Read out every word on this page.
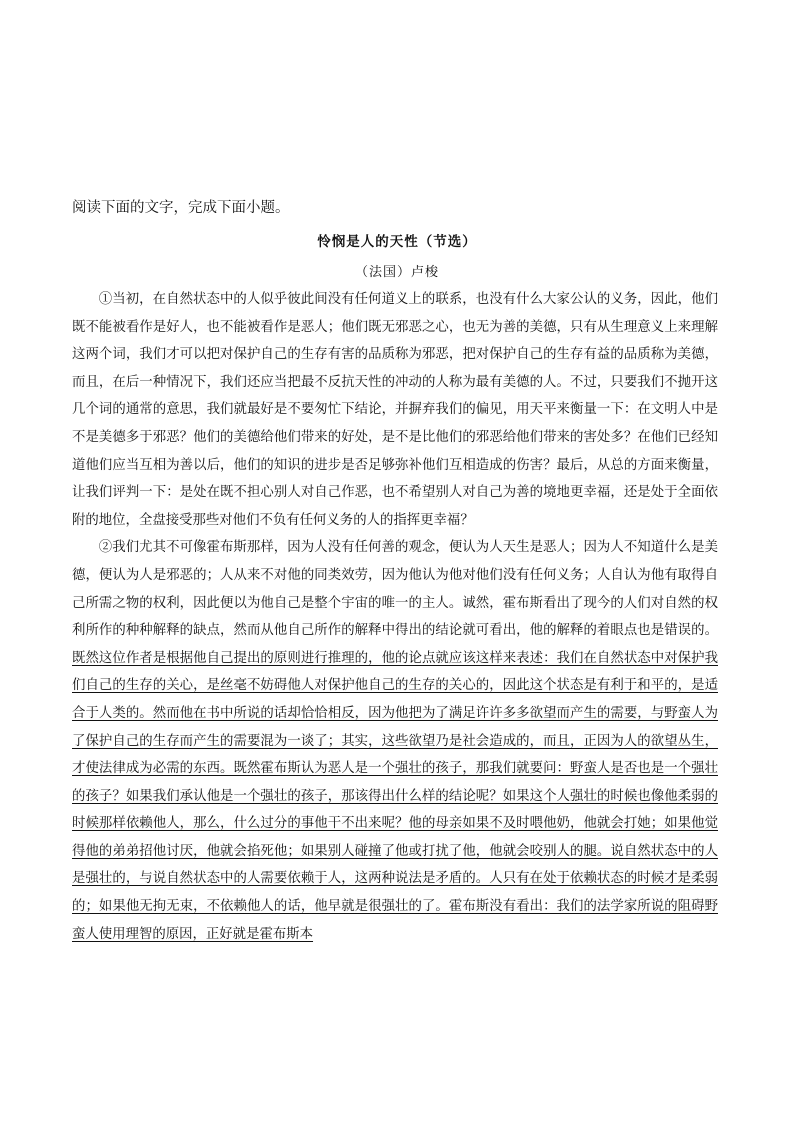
阅读下面的文字，完成下面小题。
怜悯是人的天性（节选）
（法国）卢梭

①当初，在自然状态中的人似乎彼此间没有任何道义上的联系，也没有什么大家公认的义务，因此，他们既不能被看作是好人，也不能被看作是恶人；他们既无邪恶之心，也无为善的美德，只有从生理意义上来理解这两个词，我们才可以把对保护自己的生存有害的品质称为邪恶，把对保护自己的生存有益的品质称为美德，而且，在后一种情况下，我们还应当把最不反抗天性的冲动的人称为最有美德的人。不过，只要我们不抛开这几个词的通常的意思，我们就最好是不要匆忙下结论，并摒弃我们的偏见，用天平来衡量一下：在文明人中是不是美德多于邪恶？他们的美德给他们带来的好处，是不是比他们的邪恶给他们带来的害处多？在他们已经知道他们应当互相为善以后，他们的知识的进步是否足够弥补他们互相造成的伤害？最后，从总的方面来衡量，让我们评判一下：是处在既不担心别人对自己作恶，也不希望别人对自己为善的境地更幸福，还是处于全面依附的地位，全盘接受那些对他们不负有任何义务的人的指挥更幸福？

②我们尤其不可像霍布斯那样，因为人没有任何善的观念，便认为人天生是恶人；因为人不知道什么是美德，便认为人是邪恶的；人从来不对他的同类效劳，因为他认为他对他们没有任何义务；人自认为他有取得自己所需之物的权利，因此便以为他自己是整个宇宙的唯一的主人。诚然，霍布斯看出了现今的人们对自然的权利所作的种种解释的缺点，然而从他自己所作的解释中得出的结论就可看出，他的解释的着眼点也是错误的。既然这位作者是根据他自己提出的原则进行推理的，他的论点就应该这样来表述：我们在自然状态中对保护我们自己的生存的关心，是丝毫不妨碍他人对保护他自己的生存的关心的，因此这个状态是有利于和平的，是适合于人类的。然而他在书中所说的话却恰恰相反，因为他把为了满足许许多多欲望而产生的需要，与野蛮人为了保护自己的生存而产生的需要混为一谈了；其实，这些欲望乃是社会造成的，而且，正因为人的欲望丛生，才使法律成为必需的东西。既然霍布斯认为恶人是一个强壮的孩子，那我们就要问：野蛮人是否也是一个强壮的孩子？如果我们承认他是一个强壮的孩子，那该得出什么样的结论呢？如果这个人强壮的时候也像他柔弱的时候那样依赖他人，那么，什么过分的事他干不出来呢？他的母亲如果不及时喂他奶，他就会打她；如果他觉得他的弟弟招他讨厌，他就会掐死他；如果别人碰撞了他或打扰了他，他就会咬别人的腿。说自然状态中的人是强壮的，与说自然状态中的人需要依赖于人，这两种说法是矛盾的。人只有在处于依赖状态的时候才是柔弱的；如果他无拘无束，不依赖他人的话，他早就是很强壮的了。霍布斯没有看出：我们的法学家所说的阻碍野蛮人使用理智的原因，正好就是霍布斯本
